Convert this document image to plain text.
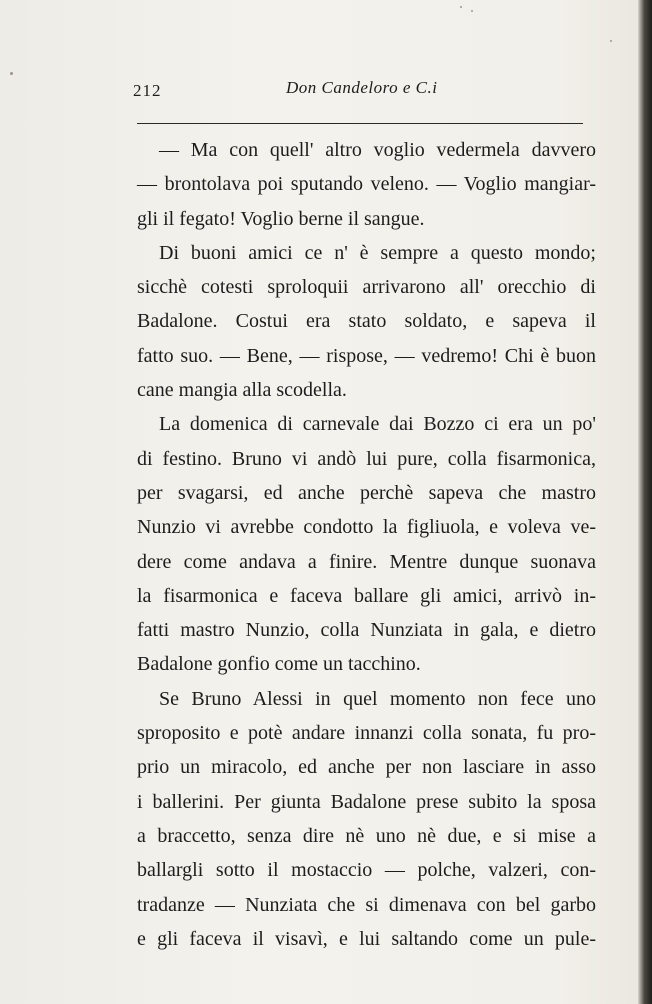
212	Don Candeloro e C.i
— Ma con quell' altro voglio vedermela davvero
— brontolava poi sputando veleno. — Voglio mangiar-
gli il fegato! Voglio berne il sangue.
Di buoni amici ce n' è sempre a questo mondo;
sicchè cotesti sproloquii arrivarono all' orecchio di
Badalone. Costui era stato soldato, e sapeva il
fatto suo. — Bene, — rispose, — vedremo! Chi è buon
cane mangia alla scodella.
La domenica di carnevale dai Bozzo ci era un po'
di festino. Bruno vi andò lui pure, colla fisarmonica,
per svagarsi, ed anche perchè sapeva che mastro
Nunzio vi avrebbe condotto la figliuola, e voleva ve-
dere come andava a finire. Mentre dunque suonava
la fisarmonica e faceva ballare gli amici, arrivò in-
fatti mastro Nunzio, colla Nunziata in gala, e dietro
Badalone gonfio come un tacchino.
Se Bruno Alessi in quel momento non fece uno
sproposito e potè andare innanzi colla sonata, fu pro-
prio un miracolo, ed anche per non lasciare in asso
i ballerini. Per giunta Badalone prese subito la sposa
a braccetto, senza dire nè uno nè due, e si mise a
ballargli sotto il mostaccio — polche, valzeri, con-
tradanze — Nunziata che si dimenava con bel garbo
e gli faceva il visavì, e lui saltando come un pule-
